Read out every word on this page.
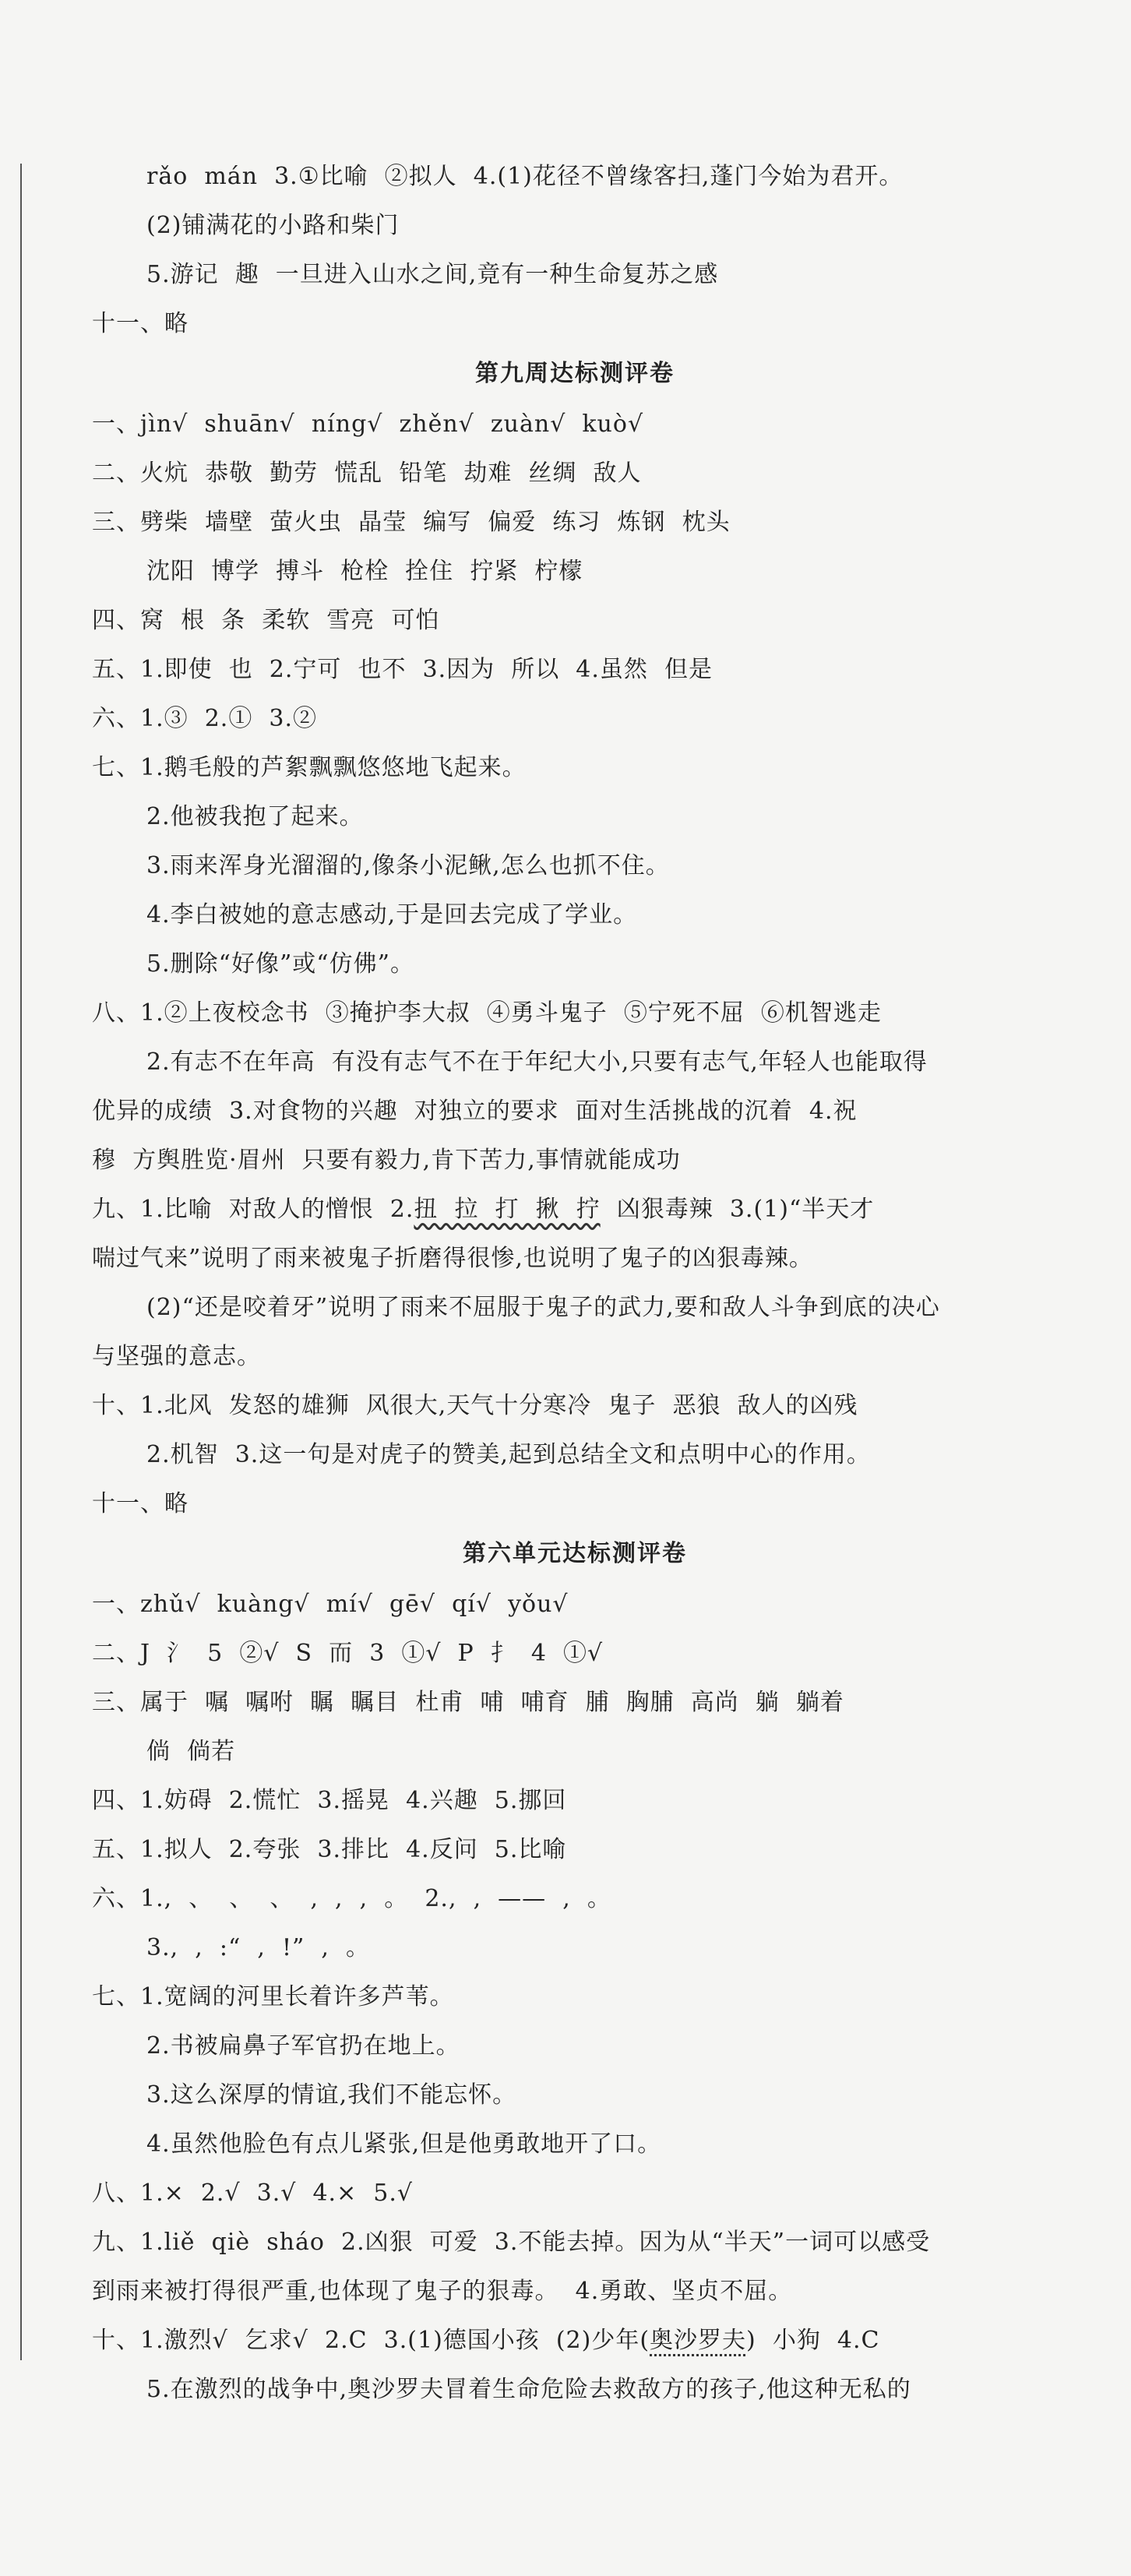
rǎo  mán  3.①比喻  ②拟人  4.(1)花径不曾缘客扫,蓬门今始为君开。
(2)铺满花的小路和柴门
5.游记  趣  一旦进入山水之间,竟有一种生命复苏之感
十一、略
第九周达标测评卷
一、jìn√  shuān√  níng√  zhěn√  zuàn√  kuò√
二、火炕  恭敬  勤劳  慌乱  铅笔  劫难  丝绸  敌人
三、劈柴  墙壁  萤火虫  晶莹  编写  偏爱  练习  炼钢  枕头
沈阳  博学  搏斗  枪栓  拴住  拧紧  柠檬
四、窝  根  条  柔软  雪亮  可怕
五、1.即使  也  2.宁可  也不  3.因为  所以  4.虽然  但是
六、1.③  2.①  3.②
七、1.鹅毛般的芦絮飘飘悠悠地飞起来。
2.他被我抱了起来。
3.雨来浑身光溜溜的,像条小泥鳅,怎么也抓不住。
4.李白被她的意志感动,于是回去完成了学业。
5.删除“好像”或“仿佛”。
八、1.②上夜校念书  ③掩护李大叔  ④勇斗鬼子  ⑤宁死不屈  ⑥机智逃走
2.有志不在年高  有没有志气不在于年纪大小,只要有志气,年轻人也能取得
优异的成绩  3.对食物的兴趣  对独立的要求  面对生活挑战的沉着  4.祝
穆  方舆胜览·眉州  只要有毅力,肯下苦力,事情就能成功
九、1.比喻  对敌人的憎恨  2.扭  拉  打  揪  拧  凶狠毒辣  3.(1)“半天才
喘过气来”说明了雨来被鬼子折磨得很惨,也说明了鬼子的凶狠毒辣。
(2)“还是咬着牙”说明了雨来不屈服于鬼子的武力,要和敌人斗争到底的决心
与坚强的意志。
十、1.北风  发怒的雄狮  风很大,天气十分寒冷  鬼子  恶狼  敌人的凶残
2.机智  3.这一句是对虎子的赞美,起到总结全文和点明中心的作用。
十一、略
第六单元达标测评卷
一、zhǔ√  kuàng√  mí√  gē√  qí√  yǒu√
二、J  氵  5  ②√  S  而  3  ①√  P  扌  4  ①√
三、属于  嘱  嘱咐  瞩  瞩目  杜甫  哺  哺育  脯  胸脯  高尚  躺  躺着
倘  倘若
四、1.妨碍  2.慌忙  3.摇晃  4.兴趣  5.挪回
五、1.拟人  2.夸张  3.排比  4.反问  5.比喻
六、1.,  、  、  、  ,  ,  ,  。  2.,  ,  ——  ,  。
3.,  ,  :“  ,  !”  ,  。
七、1.宽阔的河里长着许多芦苇。
2.书被扁鼻子军官扔在地上。
3.这么深厚的情谊,我们不能忘怀。
4.虽然他脸色有点儿紧张,但是他勇敢地开了口。
八、1.×  2.√  3.√  4.×  5.√
九、1.liě  qiè  sháo  2.凶狠  可爱  3.不能去掉。因为从“半天”一词可以感受
到雨来被打得很严重,也体现了鬼子的狠毒。  4.勇敢、坚贞不屈。
十、1.激烈√  乞求√  2.C  3.(1)德国小孩  (2)少年(奥沙罗夫)  小狗  4.C
5.在激烈的战争中,奥沙罗夫冒着生命危险去救敌方的孩子,他这种无私的
